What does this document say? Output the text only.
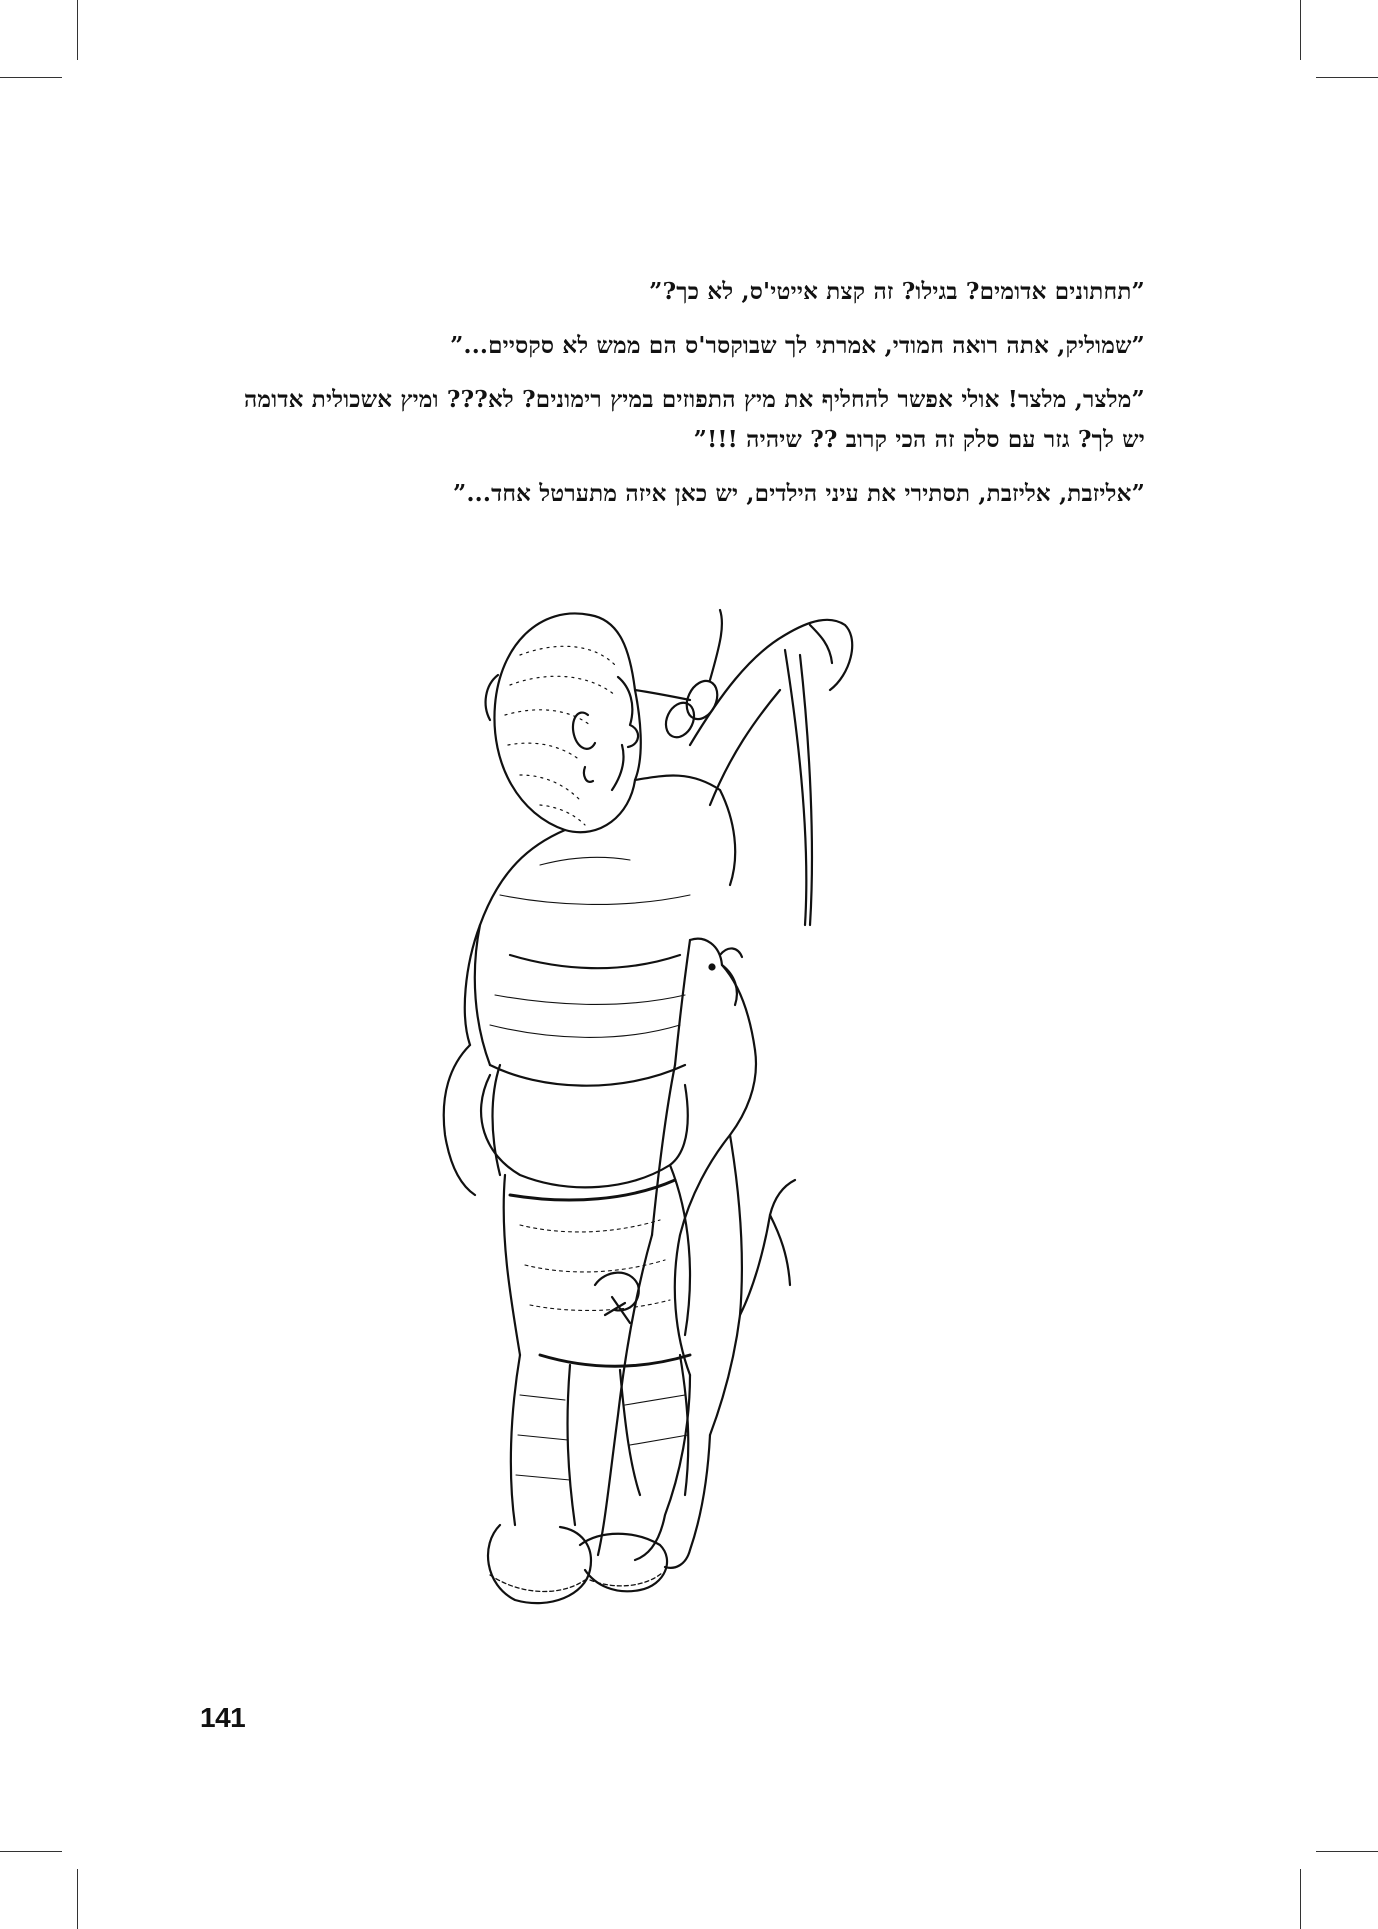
”תחתונים אדומים? בגילו? זה קצת אייטי'ס, לא כך?”

”שמוליק, אתה רואה חמודי, אמרתי לך שבוקסר'ס הם ממש לא סקסיים...”

”מלצר, מלצר! אולי אפשר להחליף את מיץ התפוזים במיץ רימונים? לא??? ומיץ אשכולית אדומה יש לך? גזר עם סלק זה הכי קרוב ?? שיהיה !!!”

”אליזבת, אליזבת, תסתירי את עיני הילדים, יש כאן איזה מתערטל אחד...”

141
